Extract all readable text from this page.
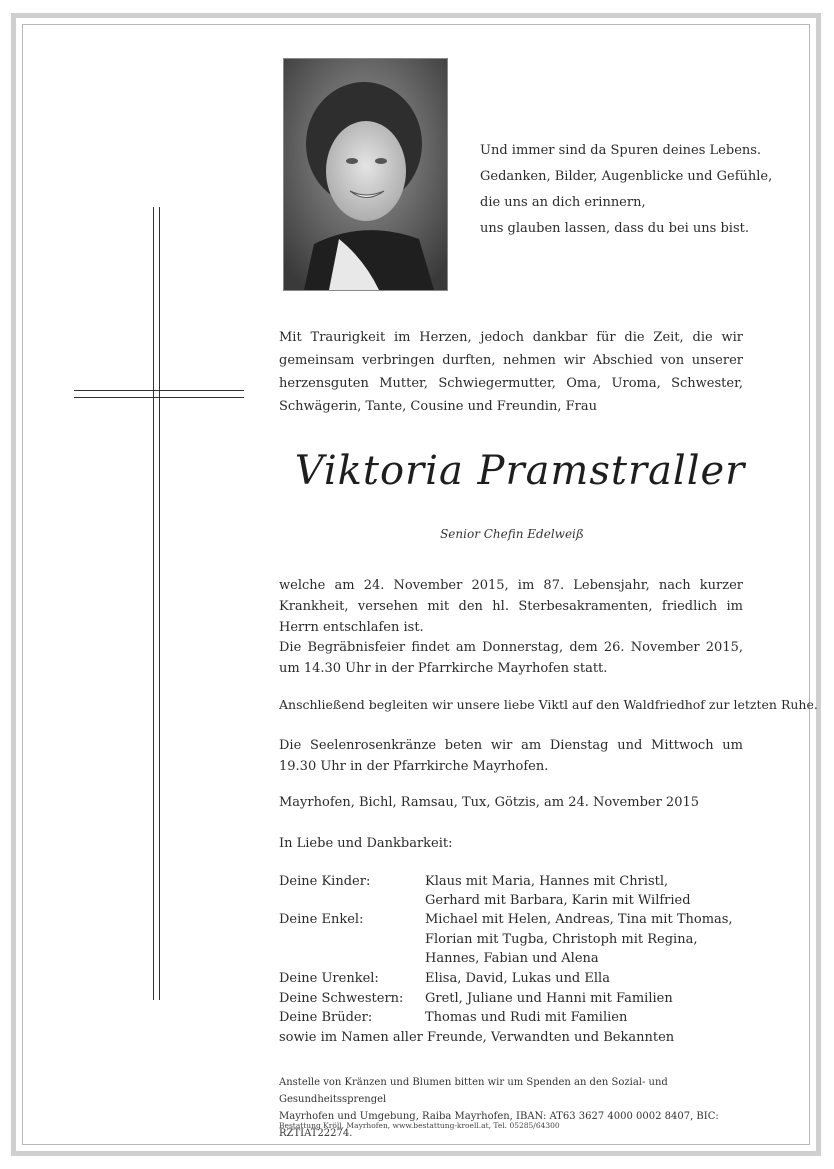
Und immer sind da Spuren deines Lebens.
Gedanken, Bilder, Augenblicke und Gefühle,
die uns an dich erinnern,
uns glauben lassen, dass du bei uns bist.
Mit Traurigkeit im Herzen, jedoch dankbar für die Zeit, die wir gemeinsam verbringen durften, nehmen wir Abschied von unserer herzensguten Mutter, Schwiegermutter, Oma, Uroma, Schwester, Schwägerin, Tante, Cousine und Freundin, Frau
Viktoria Pramstraller
Senior Chefin Edelweiß
welche am 24. November 2015, im 87. Lebensjahr, nach kurzer Krankheit, versehen mit den hl. Sterbesakramenten, friedlich im Herrn entschlafen ist.
Die Begräbnisfeier findet am Donnerstag, dem 26. November 2015, um 14.30 Uhr in der Pfarrkirche Mayrhofen statt.
Anschließend begleiten wir unsere liebe Viktl auf den Waldfriedhof zur letzten Ruhe.
Die Seelenrosenkränze beten wir am Dienstag und Mittwoch um 19.30 Uhr in der Pfarrkirche Mayrhofen.
Mayrhofen, Bichl, Ramsau, Tux, Götzis, am 24. November 2015
In Liebe und Dankbarkeit:
Deine Kinder:	Klaus mit Maria, Hannes mit Christl,
Gerhard mit Barbara, Karin mit Wilfried
Deine Enkel:	Michael mit Helen, Andreas, Tina mit Thomas,
Florian mit Tugba, Christoph mit Regina,
Hannes, Fabian und Alena
Deine Urenkel:	Elisa, David, Lukas und Ella
Deine Schwestern: Gretl, Juliane und Hanni mit Familien
Deine Brüder:	Thomas und Rudi mit Familien
sowie im Namen aller Freunde, Verwandten und Bekannten
Anstelle von Kränzen und Blumen bitten wir um Spenden an den Sozial- und Gesundheitssprengel
Mayrhofen und Umgebung, Raiba Mayrhofen, IBAN: AT63 3627 4000 0002 8407, BIC: RZTIAT22274.
Bestattung Kröll, Mayrhofen, www.bestattung-kroell.at, Tel. 05285/64300
